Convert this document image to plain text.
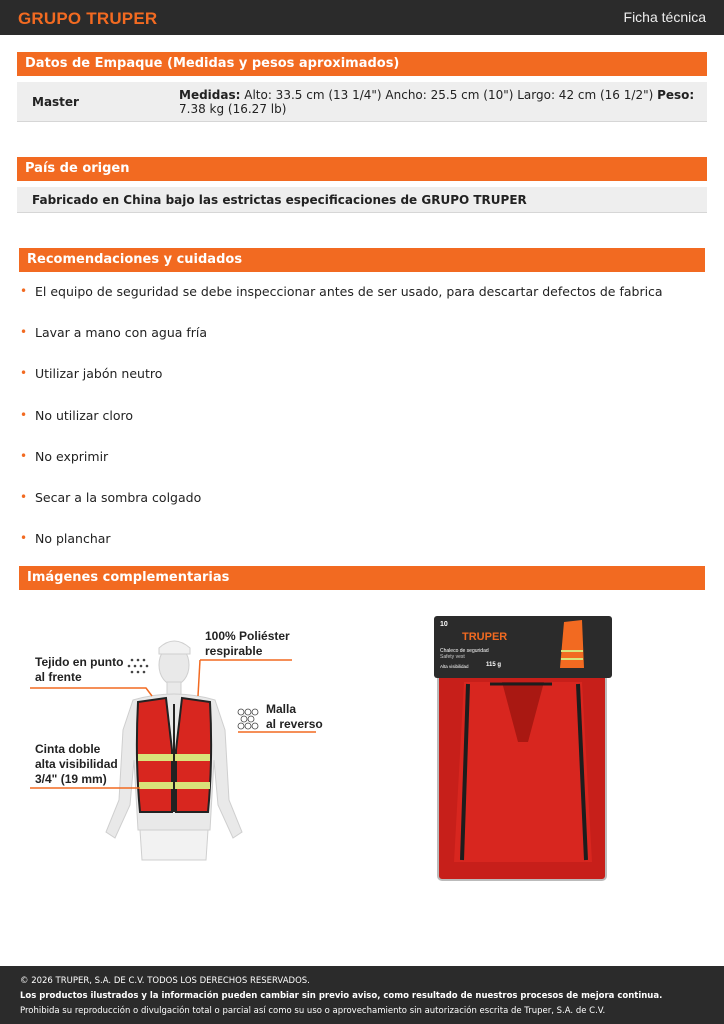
GRUPO TRUPER	Ficha técnica
Datos de Empaque (Medidas y pesos aproximados)
Master	Medidas: Alto: 33.5 cm (13 1/4") Ancho: 25.5 cm (10") Largo: 42 cm (16 1/2") Peso: 7.38 kg (16.27 lb)
País de origen
Fabricado en China bajo las estrictas especificaciones de GRUPO TRUPER
Recomendaciones y cuidados
• El equipo de seguridad se debe inspeccionar antes de ser usado, para descartar defectos de fabrica
• Lavar a mano con agua fría
• Utilizar jabón neutro
• No utilizar cloro
• No exprimir
• Secar a la sombra colgado
• No planchar
Imágenes complementarias
100% Poliéster
respirable
Tejido en punto
al frente
Malla
al reverso
Cinta doble
alta visibilidad
3/4" (19 mm)
10
TRUPER
Chaleco de seguridad
Safety vest
Alta visibilidad	115 g
© 2026 TRUPER, S.A. DE C.V. TODOS LOS DERECHOS RESERVADOS.
Los productos ilustrados y la información pueden cambiar sin previo aviso, como resultado de nuestros procesos de mejora continua.
Prohibida su reproducción o divulgación total o parcial así como su uso o aprovechamiento sin autorización escrita de Truper, S.A. de C.V.
